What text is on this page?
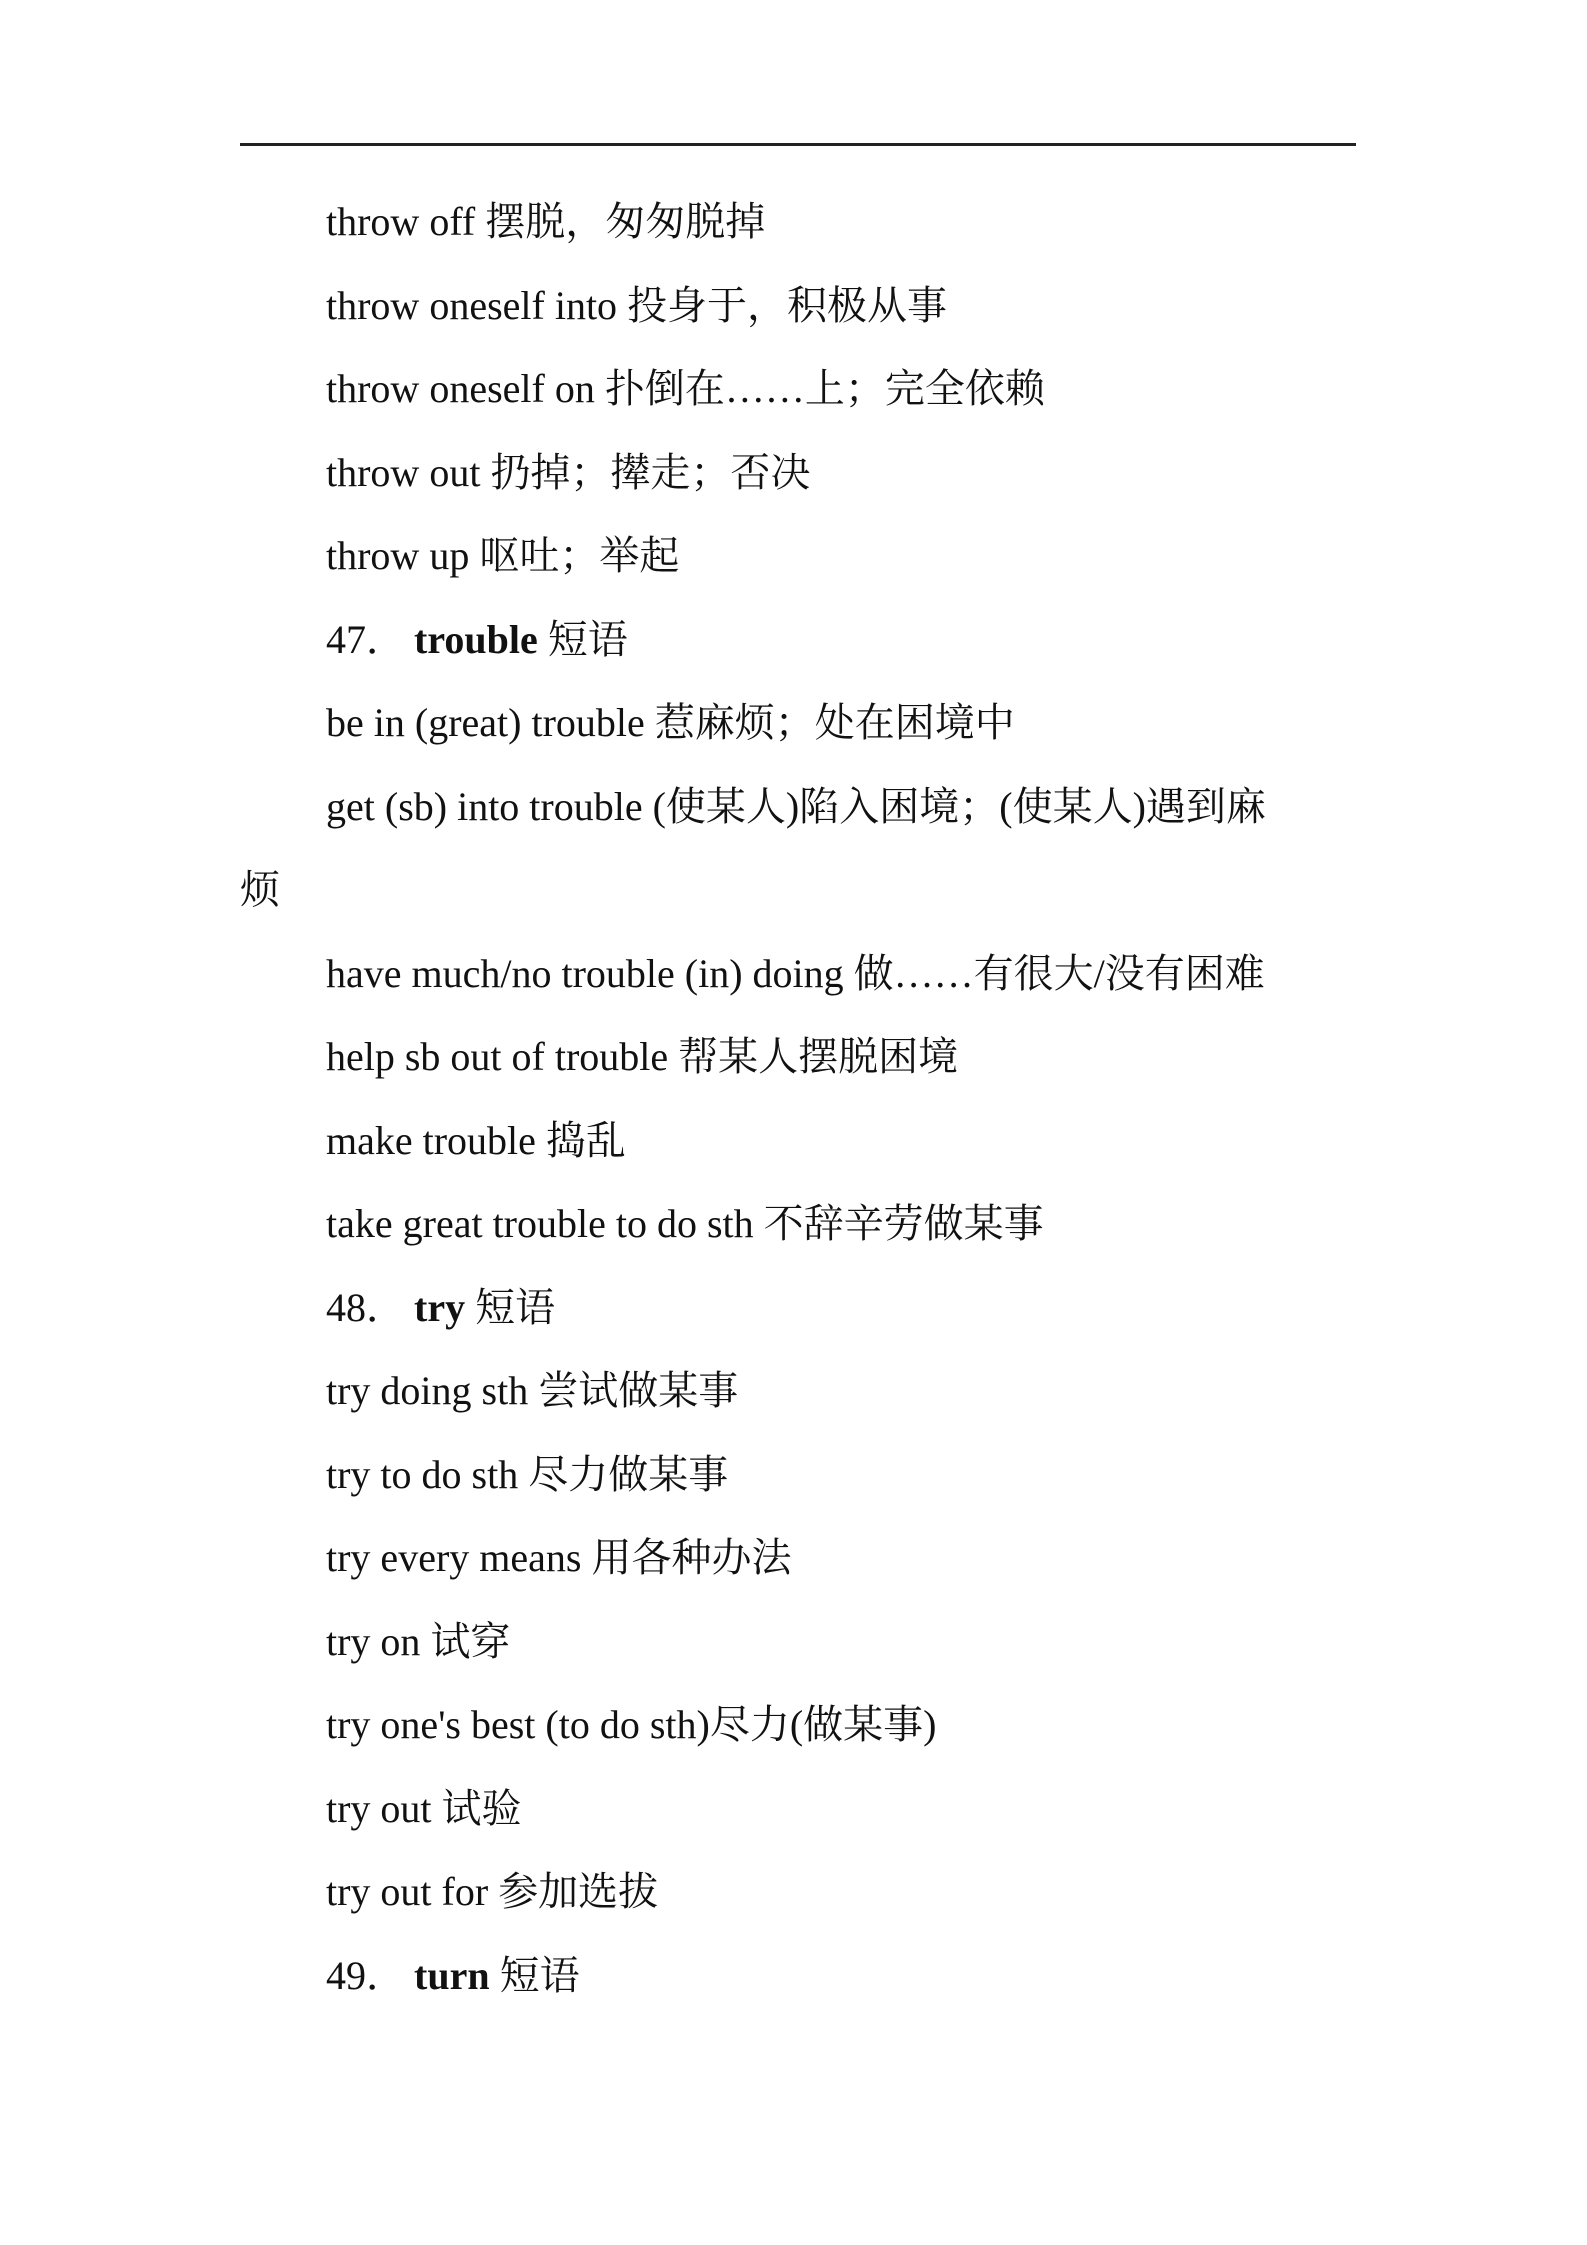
throw off 摆脱，匆匆脱掉
throw oneself into 投身于，积极从事
throw oneself on 扑倒在……上；完全依赖
throw out 扔掉；撵走；否决
throw up 呕吐；举起
47． trouble 短语
be in (great) trouble 惹麻烦；处在困境中
get (sb) into trouble (使某人)陷入困境；(使某人)遇到麻
烦
have much/no trouble (in) doing 做……有很大/没有困难
help sb out of trouble 帮某人摆脱困境
make trouble 捣乱
take great trouble to do sth 不辞辛劳做某事
48． try 短语
try doing sth 尝试做某事
try to do sth 尽力做某事
try every means 用各种办法
try on 试穿
try one's best (to do sth)尽力(做某事)
try out 试验
try out for 参加选拔
49． turn 短语
